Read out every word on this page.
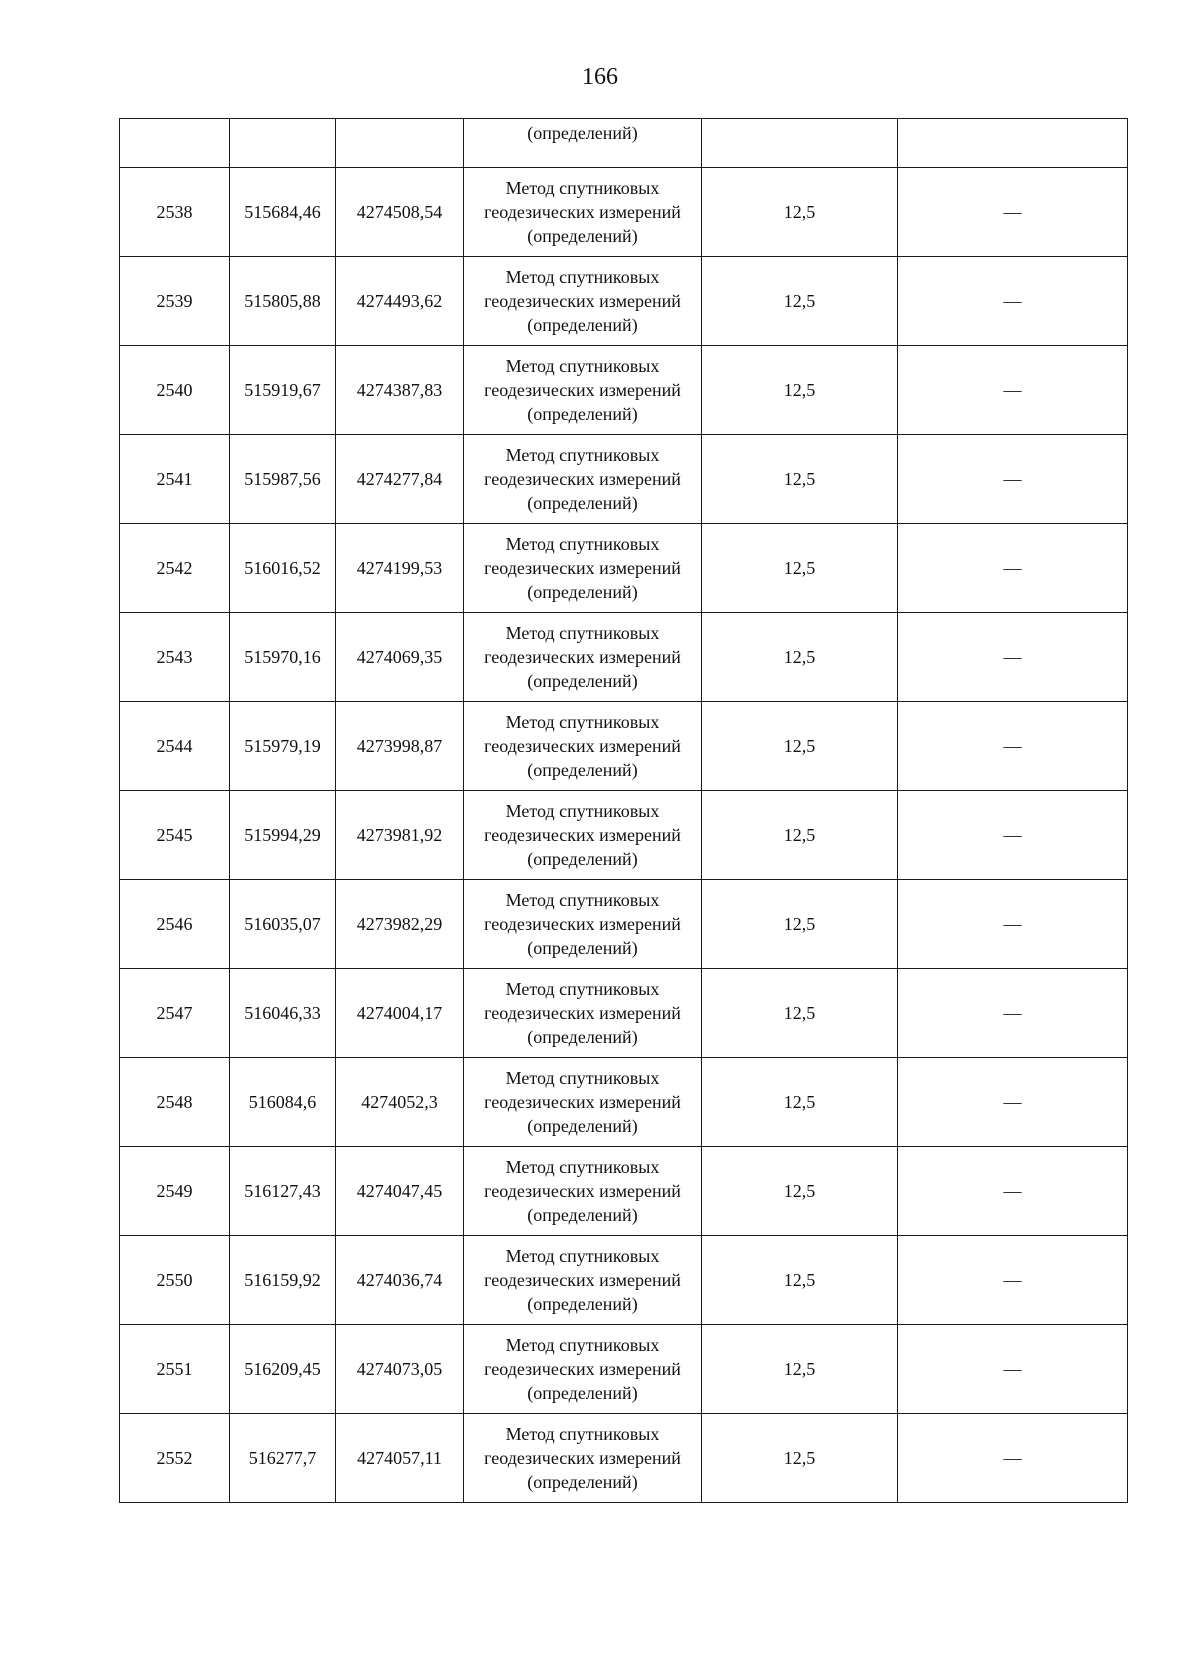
166
			(определений)		
2538	515684,46	4274508,54	Метод спутниковых
геодезических измерений
(определений)	12,5	—
2539	515805,88	4274493,62	Метод спутниковых
геодезических измерений
(определений)	12,5	—
2540	515919,67	4274387,83	Метод спутниковых
геодезических измерений
(определений)	12,5	—
2541	515987,56	4274277,84	Метод спутниковых
геодезических измерений
(определений)	12,5	—
2542	516016,52	4274199,53	Метод спутниковых
геодезических измерений
(определений)	12,5	—
2543	515970,16	4274069,35	Метод спутниковых
геодезических измерений
(определений)	12,5	—
2544	515979,19	4273998,87	Метод спутниковых
геодезических измерений
(определений)	12,5	—
2545	515994,29	4273981,92	Метод спутниковых
геодезических измерений
(определений)	12,5	—
2546	516035,07	4273982,29	Метод спутниковых
геодезических измерений
(определений)	12,5	—
2547	516046,33	4274004,17	Метод спутниковых
геодезических измерений
(определений)	12,5	—
2548	516084,6	4274052,3	Метод спутниковых
геодезических измерений
(определений)	12,5	—
2549	516127,43	4274047,45	Метод спутниковых
геодезических измерений
(определений)	12,5	—
2550	516159,92	4274036,74	Метод спутниковых
геодезических измерений
(определений)	12,5	—
2551	516209,45	4274073,05	Метод спутниковых
геодезических измерений
(определений)	12,5	—
2552	516277,7	4274057,11	Метод спутниковых
геодезических измерений
(определений)	12,5	—
